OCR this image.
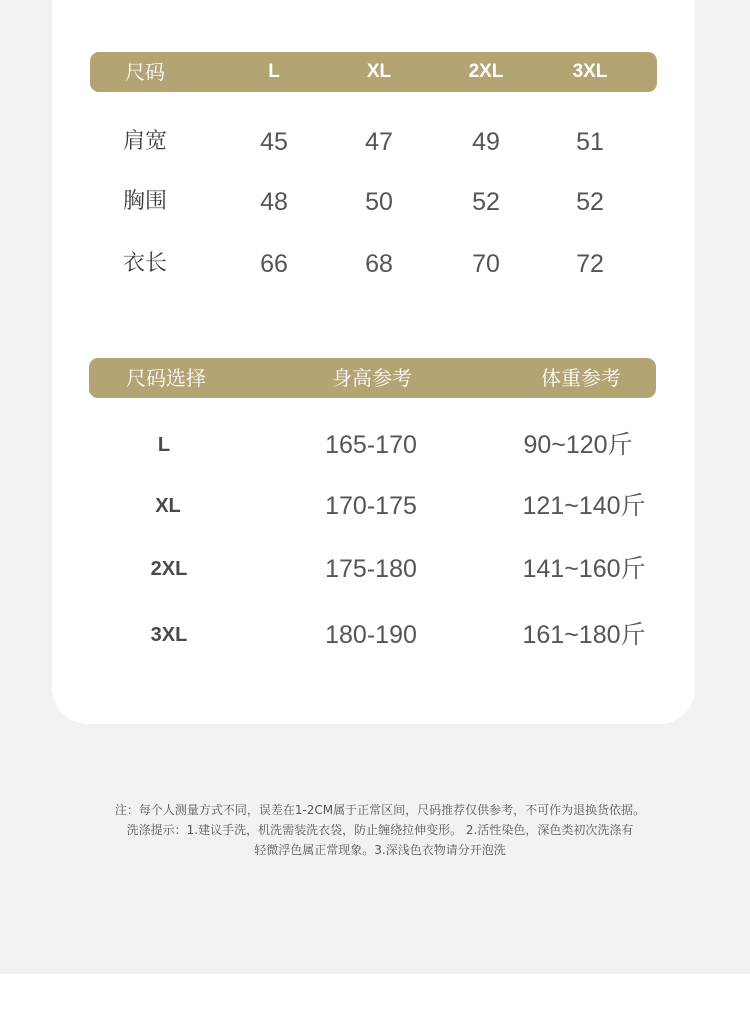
尺码	L	XL	2XL	3XL
肩宽	45	47	49	51
胸围	48	50	52	52
衣长	66	68	70	72
尺码选择	身高参考	体重参考
L	165-170	90~120斤
XL	170-175	121~140斤
2XL	175-180	141~160斤
3XL	180-190	161~180斤
注：每个人测量方式不同，误差在1-2CM属于正常区间，尺码推荐仅供参考，不可作为退换货依据。
洗涤提示：1.建议手洗，机洗需装洗衣袋，防止缠绕拉伸变形。 2.活性染色，深色类初次洗涤有
轻微浮色属正常现象。3.深浅色衣物请分开泡洗
